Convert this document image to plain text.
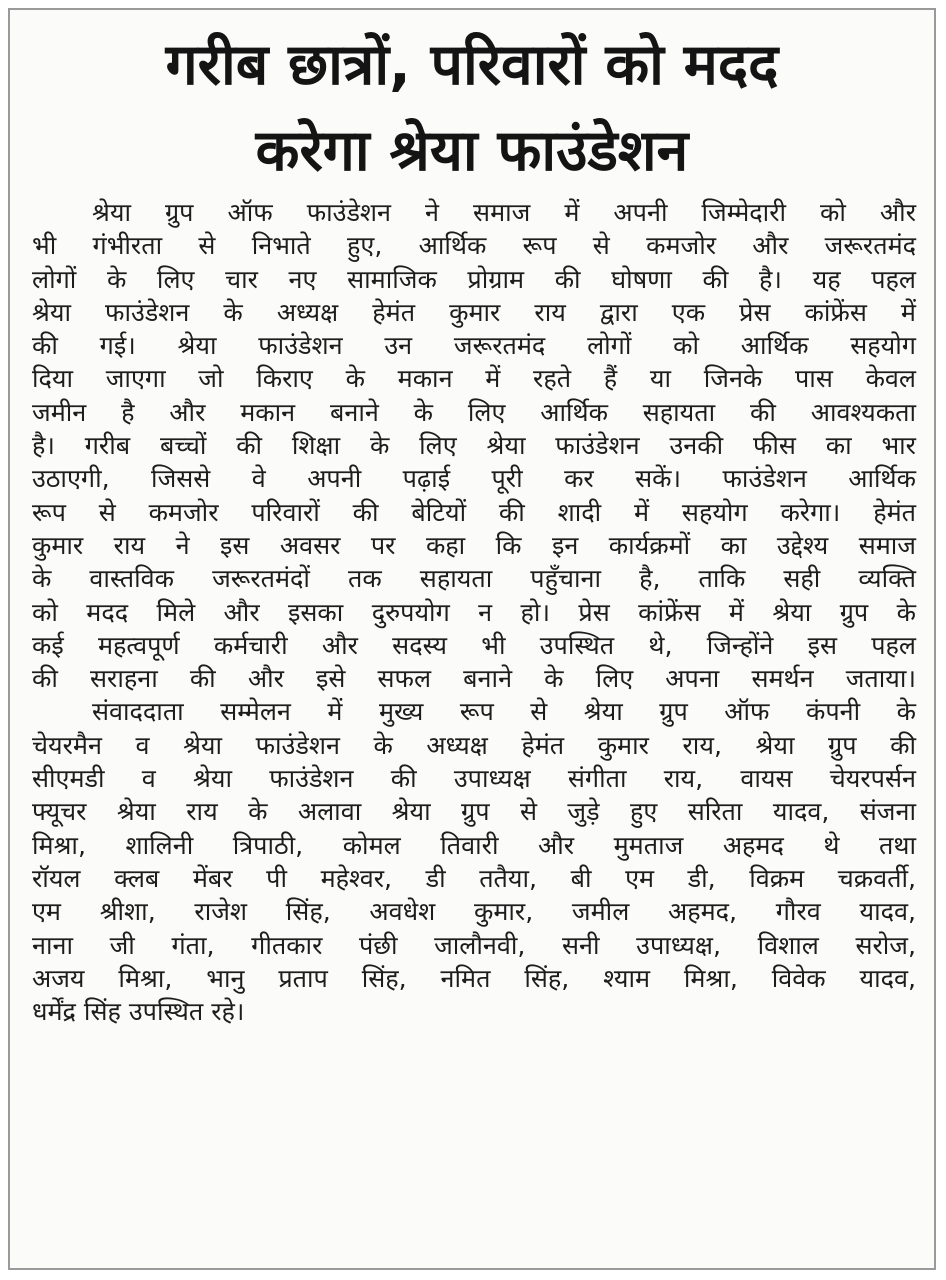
गरीब छात्रों, परिवारों को मदद
करेगा श्रेया फाउंडेशन
श्रेया ग्रुप ऑफ फाउंडेशन ने समाज में अपनी जिम्मेदारी को और
भी गंभीरता से निभाते हुए, आर्थिक रूप से कमजोर और जरूरतमंद
लोगों के लिए चार नए सामाजिक प्रोग्राम की घोषणा की है। यह पहल
श्रेया फाउंडेशन के अध्यक्ष हेमंत कुमार राय द्वारा एक प्रेस कांफ्रेंस में
की गई। श्रेया फाउंडेशन उन जरूरतमंद लोगों को आर्थिक सहयोग
दिया जाएगा जो किराए के मकान में रहते हैं या जिनके पास केवल
जमीन है और मकान बनाने के लिए आर्थिक सहायता की आवश्यकता
है। गरीब बच्चों की शिक्षा के लिए श्रेया फाउंडेशन उनकी फीस का भार
उठाएगी, जिससे वे अपनी पढ़ाई पूरी कर सकें। फाउंडेशन आर्थिक
रूप से कमजोर परिवारों की बेटियों की शादी में सहयोग करेगा। हेमंत
कुमार राय ने इस अवसर पर कहा कि इन कार्यक्रमों का उद्देश्य समाज
के वास्तविक जरूरतमंदों तक सहायता पहुँचाना है, ताकि सही व्यक्ति
को मदद मिले और इसका दुरुपयोग न हो। प्रेस कांफ्रेंस में श्रेया ग्रुप के
कई महत्वपूर्ण कर्मचारी और सदस्य भी उपस्थित थे, जिन्होंने इस पहल
की सराहना की और इसे सफल बनाने के लिए अपना समर्थन जताया।
संवाददाता सम्मेलन में मुख्य रूप से श्रेया ग्रुप ऑफ कंपनी के
चेयरमैन व श्रेया फाउंडेशन के अध्यक्ष हेमंत कुमार राय, श्रेया ग्रुप की
सीएमडी व श्रेया फाउंडेशन की उपाध्यक्ष संगीता राय, वायस चेयरपर्सन
फ्यूचर श्रेया राय के अलावा श्रेया ग्रुप से जुड़े हुए सरिता यादव, संजना
मिश्रा, शालिनी त्रिपाठी, कोमल तिवारी और मुमताज अहमद थे तथा
रॉयल क्लब मेंबर पी महेश्वर, डी ततैया, बी एम डी, विक्रम चक्रवर्ती,
एम श्रीशा, राजेश सिंह, अवधेश कुमार, जमील अहमद, गौरव यादव,
नाना जी गंता, गीतकार पंछी जालौनवी, सनी उपाध्यक्ष, विशाल सरोज,
अजय मिश्रा, भानु प्रताप सिंह, नमित सिंह, श्याम मिश्रा, विवेक यादव,
धर्मेंद्र सिंह उपस्थित रहे।
